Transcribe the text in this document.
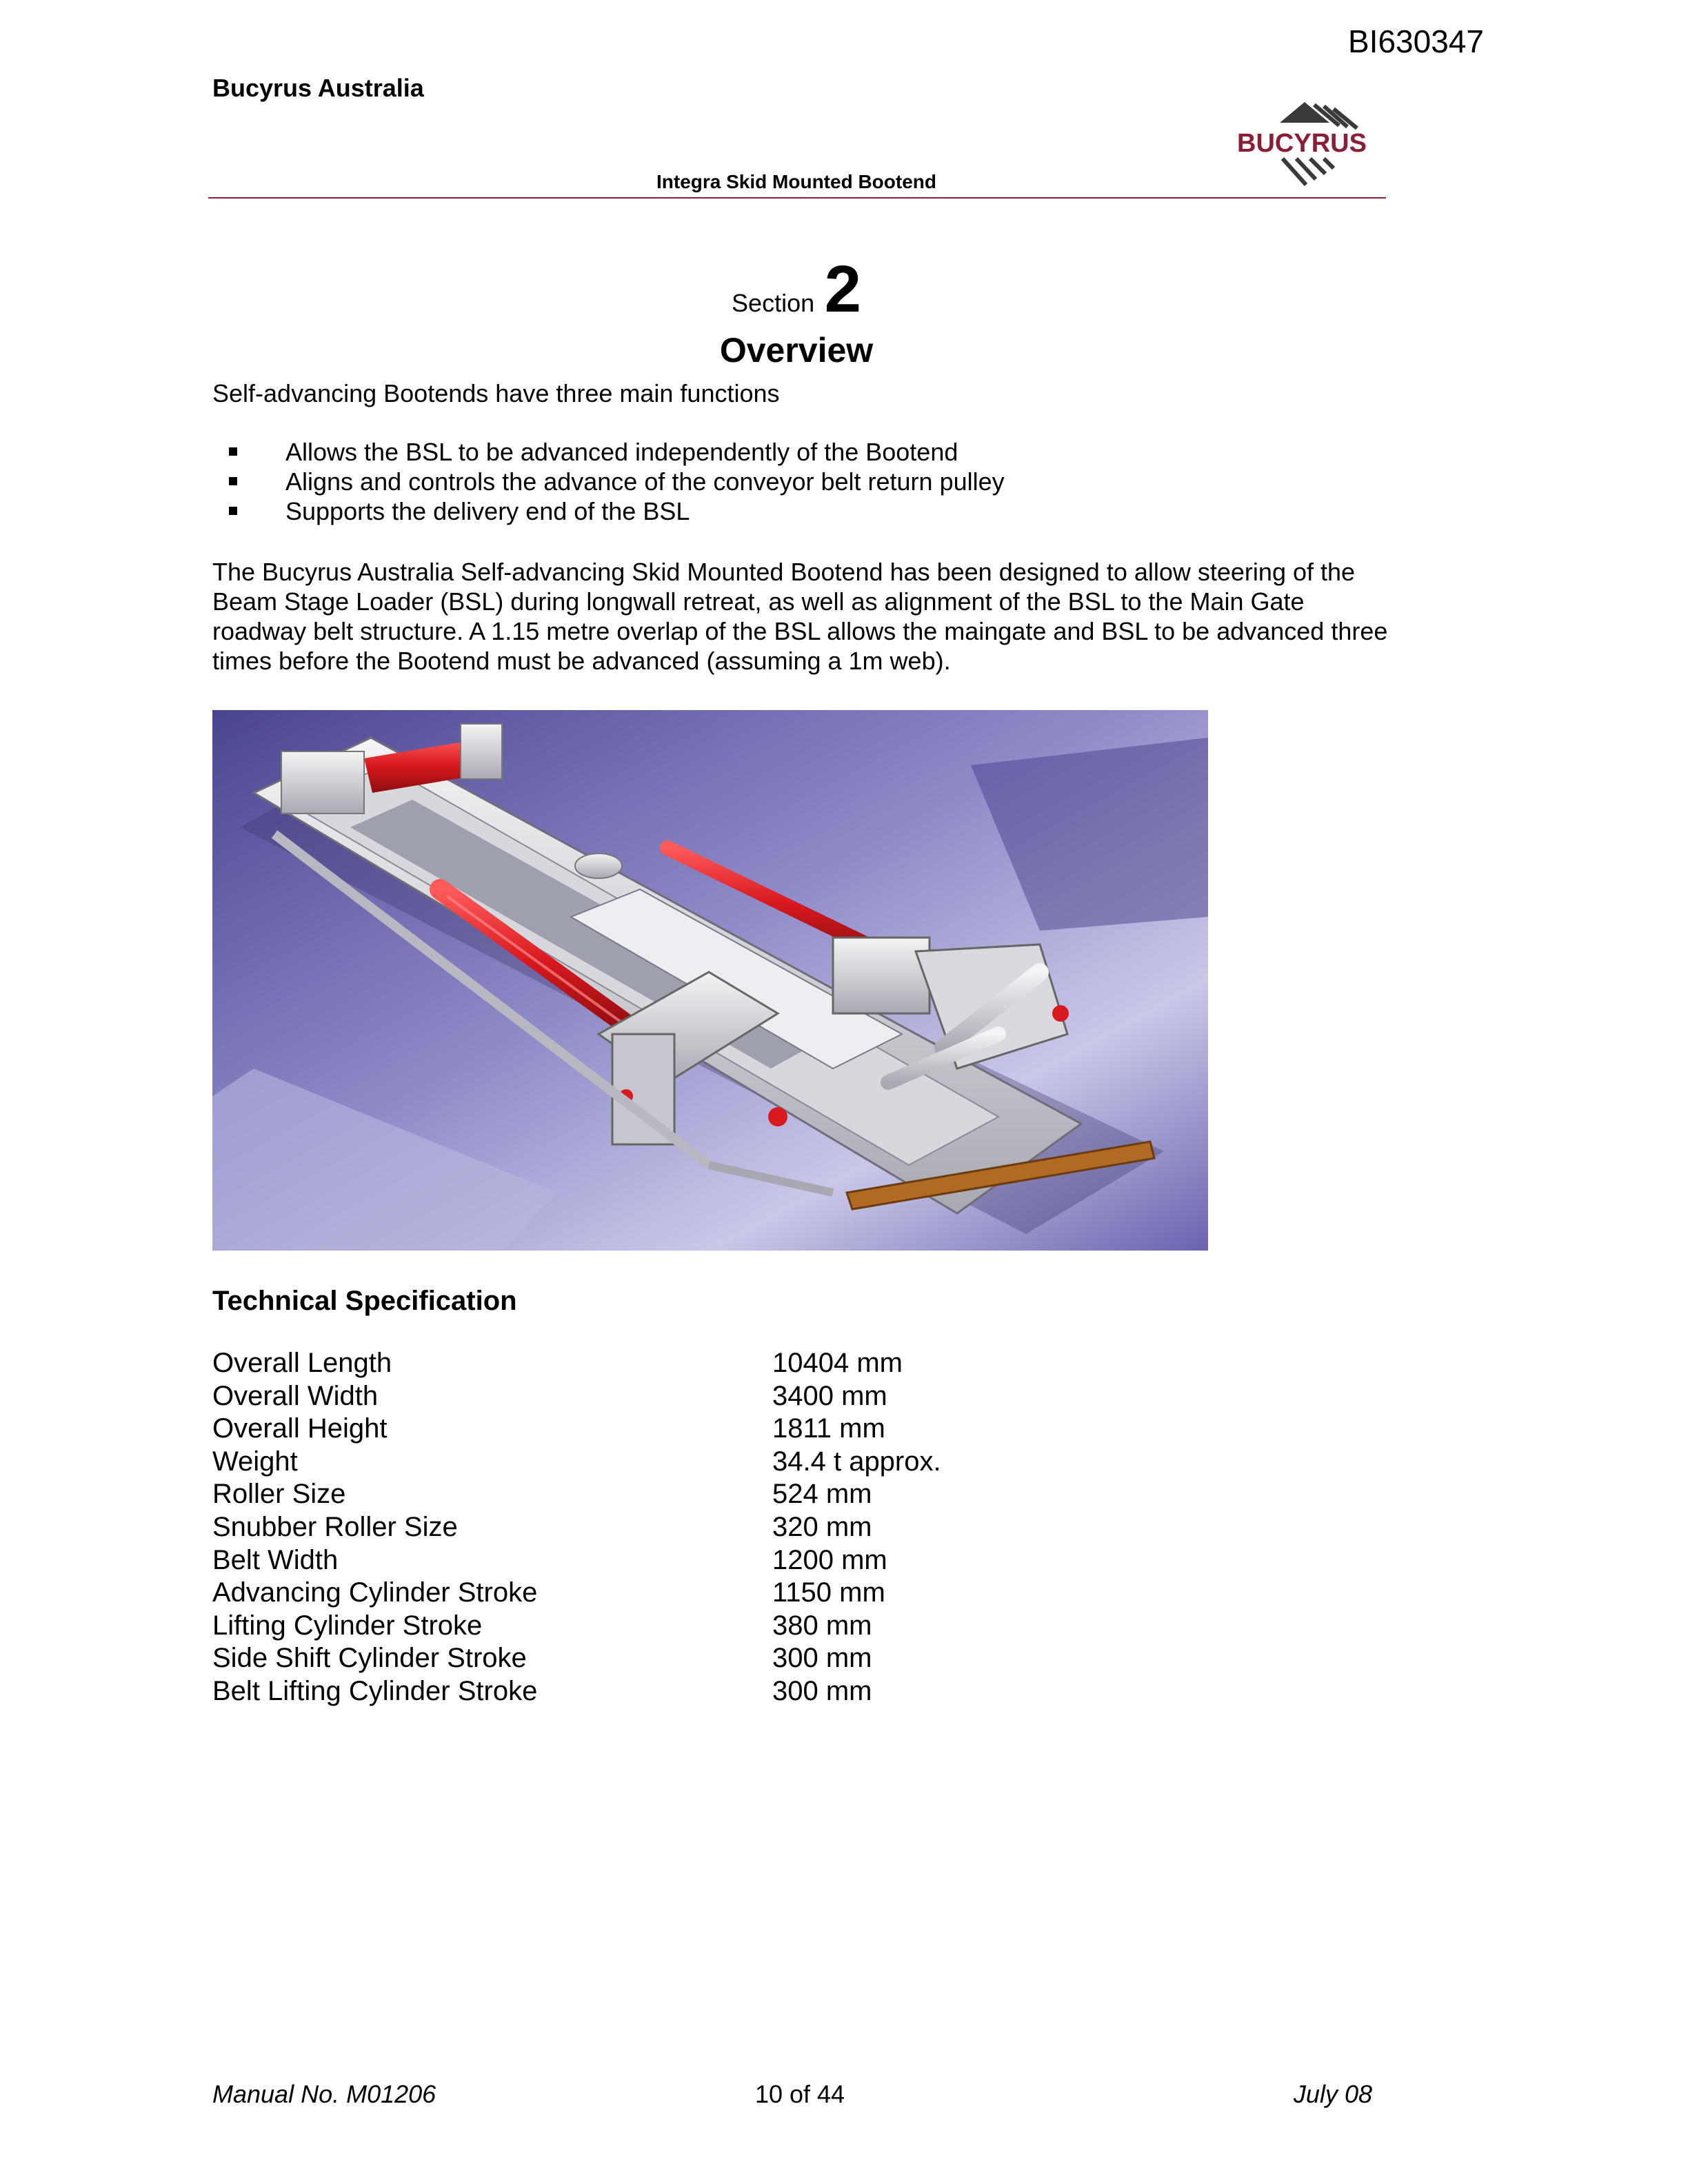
BI630347
Bucyrus Australia
BUCYRUS
Integra Skid Mounted Bootend
Section 2
Overview
Self-advancing Bootends have three main functions
Allows the BSL to be advanced independently of the Bootend
Aligns and controls the advance of the conveyor belt return pulley
Supports the delivery end of the BSL
The Bucyrus Australia Self-advancing Skid Mounted Bootend has been designed to allow steering of the Beam Stage Loader (BSL) during longwall retreat, as well as alignment of the BSL to the Main Gate roadway belt structure. A 1.15 metre overlap of the BSL allows the maingate and BSL to be advanced three times before the Bootend must be advanced (assuming a 1m web).
Technical Specification
Overall Length	10404 mm
Overall Width	3400 mm
Overall Height	1811 mm
Weight	34.4 t approx.
Roller Size	524 mm
Snubber Roller Size	320 mm
Belt Width	1200 mm
Advancing Cylinder Stroke	1150 mm
Lifting Cylinder Stroke	380 mm
Side Shift Cylinder Stroke	300 mm
Belt Lifting Cylinder Stroke	300 mm
Manual No. M01206	10 of 44	July 08
